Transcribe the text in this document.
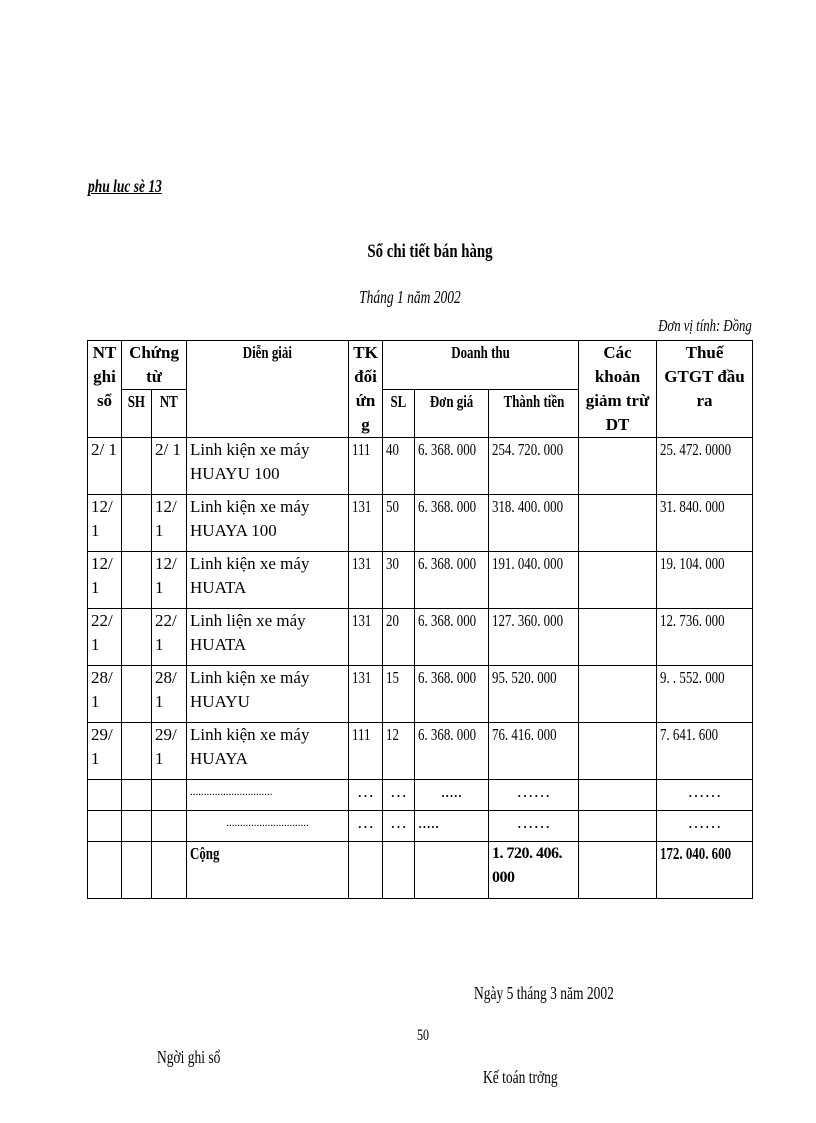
phu luc sè 13
Sổ chi tiết bán hàng
Tháng 1 năm 2002
Đơn vị tính: Đồng
NT ghi sổ	Chứng từ		Diễn giải	TK đối ứng	Doanh thu			Các khoản giảm trừ DT	Thuế GTGT đầu ra
	SH	NT			SL	Đơn giá	Thành tiền		
2/ 1		2/ 1	Linh kiện xe máy HUAYU 100	111	40	6. 368. 000	254. 720. 000		25. 472. 0000
12/ 1		12/ 1	Linh kiện xe máy HUAYA 100	131	50	6. 368. 000	318. 400. 000		31. 840. 000
12/ 1		12/ 1	Linh kiện xe máy HUATA	131	30	6. 368. 000	191. 040. 000		19. 104. 000
22/ 1		22/ 1	Linh liện xe máy HUATA	131	20	6. 368. 000	127. 360. 000		12. 736. 000
28/ 1		28/ 1	Linh kiện xe máy HUAYU	131	15	6. 368. 000	95. 520. 000		9. . 552. 000
29/ 1		29/ 1	Linh kiện xe máy HUAYA	111	12	6. 368. 000	76. 416. 000		7. 641. 600
			..............................	…	…	.....	……		……
			..............................	…	…	.....	……		……
			Cộng				1. 720. 406. 000		172. 040. 600
Ngày 5 tháng 3 năm 2002
50
Ngời ghi sổ
Kế toán trởng
